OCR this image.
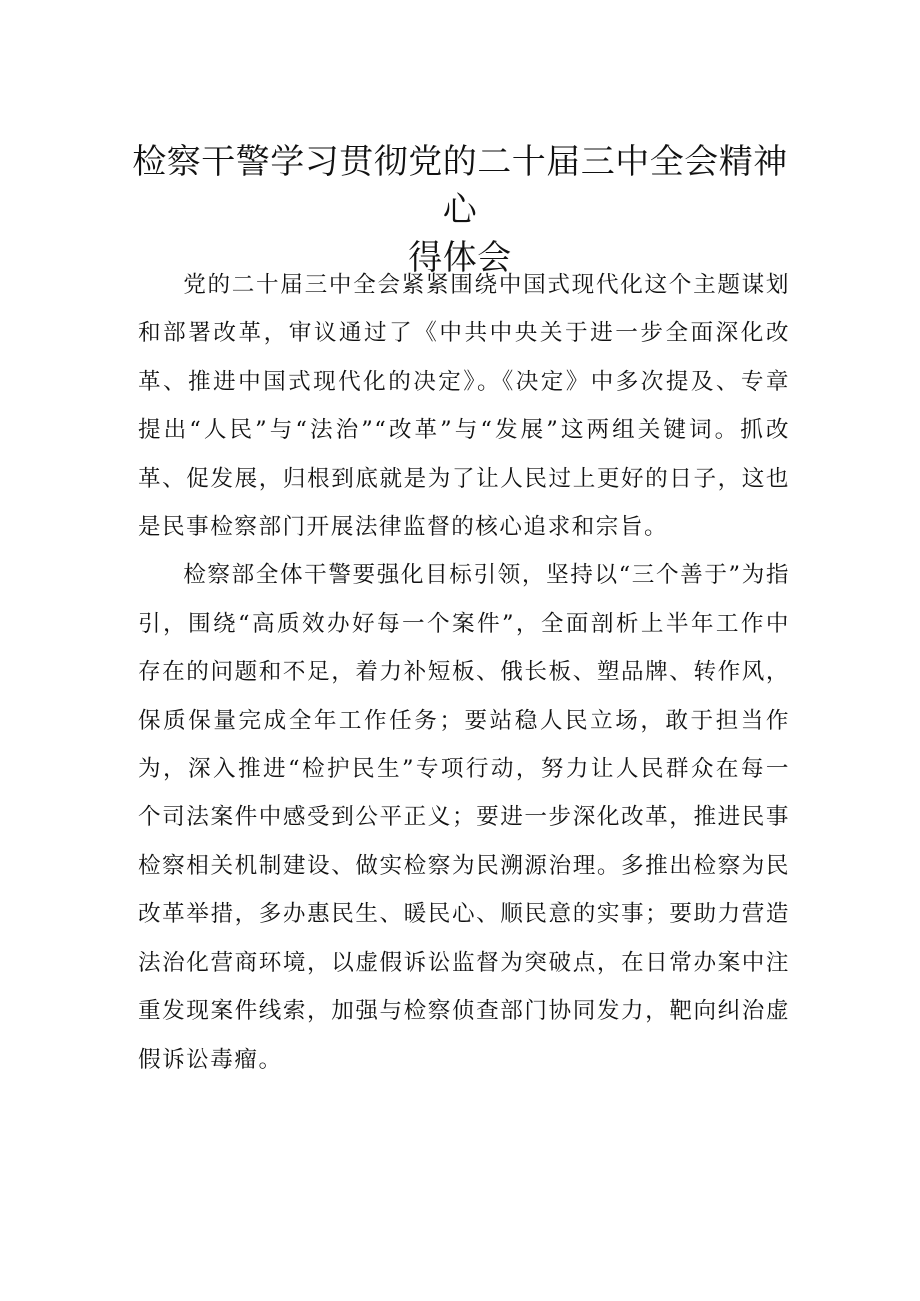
检察干警学习贯彻党的二十届三中全会精神心
得体会

党的二十届三中全会紧紧围绕中国式现代化这个主题谋划和部署改革，审议通过了《中共中央关于进一步全面深化改革、推进中国式现代化的决定》。《决定》中多次提及、专章提出“人民”与“法治”“改革”与“发展”这两组关键词。抓改革、促发展，归根到底就是为了让人民过上更好的日子，这也是民事检察部门开展法律监督的核心追求和宗旨。

检察部全体干警要强化目标引领，坚持以“三个善于”为指引，围绕“高质效办好每一个案件”，全面剖析上半年工作中存在的问题和不足，着力补短板、俄长板、塑品牌、转作风，保质保量完成全年工作任务；要站稳人民立场，敢于担当作为，深入推进“检护民生”专项行动，努力让人民群众在每一个司法案件中感受到公平正义；要进一步深化改革，推进民事检察相关机制建设、做实检察为民溯源治理。多推出检察为民改革举措，多办惠民生、暖民心、顺民意的实事；要助力营造法治化营商环境，以虚假诉讼监督为突破点，在日常办案中注重发现案件线索，加强与检察侦查部门协同发力，靶向纠治虚假诉讼毒瘤。
